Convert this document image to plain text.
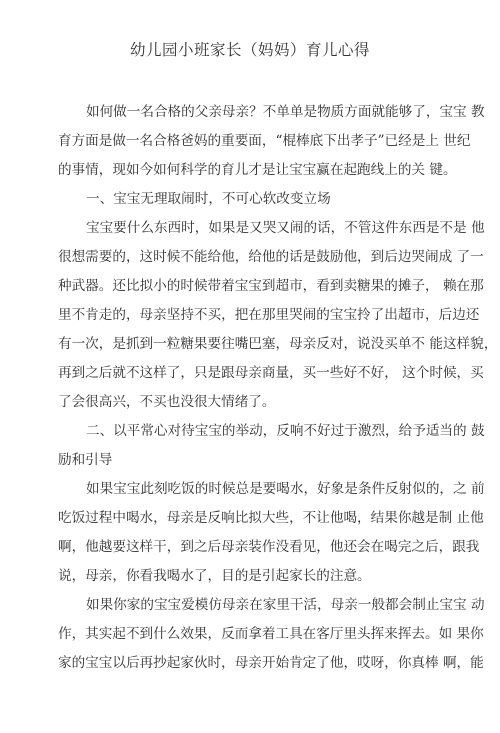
幼儿园小班家长（妈妈）育儿心得
如何做一名合格的父亲母亲？不单单是物质方面就能够了，宝宝 教
育方面是做一名合格爸妈的重要面，“棍棒底下出孝子”已经是上 世纪
的事情，现如今如何科学的育儿才是让宝宝赢在起跑线上的关 键。
一、宝宝无理取闹时，不可心软改变立场
宝宝要什么东西时，如果是又哭又闹的话，不管这件东西是不是 他
很想需要的，这时候不能给他，给他的话是鼓励他，到后边哭闹成 了一
种武器。还比拟小的时候带着宝宝到超市，看到卖糖果的摊子， 赖在那
里不肯走的，母亲坚持不买，把在那里哭闹的宝宝拎了出超市，后边还
有一次，是抓到一粒糖果要往嘴巴塞，母亲反对，说没买单不 能这样貌，
再到之后就不这样了，只是跟母亲商量，买一些好不好， 这个时候，买
了会很高兴，不买也没很大情绪了。
二、以平常心对待宝宝的举动，反响不好过于激烈，给予适当的 鼓
励和引导
如果宝宝此刻吃饭的时候总是要喝水，好象是条件反射似的，之 前
吃饭过程中喝水，母亲是反响比拟大些，不让他喝，结果你越是制 止他
啊，他越要这样干，到之后母亲装作没看见，他还会在喝完之后，跟我
说，母亲，你看我喝水了，目的是引起家长的注意。
如果你家的宝宝爱模仿母亲在家里干活，母亲一般都会制止宝宝 动
作，其实起不到什么效果，反而拿着工具在客厅里头挥来挥去。如 果你
家的宝宝以后再抄起家伙时，母亲开始肯定了他，哎呀，你真棒 啊，能
